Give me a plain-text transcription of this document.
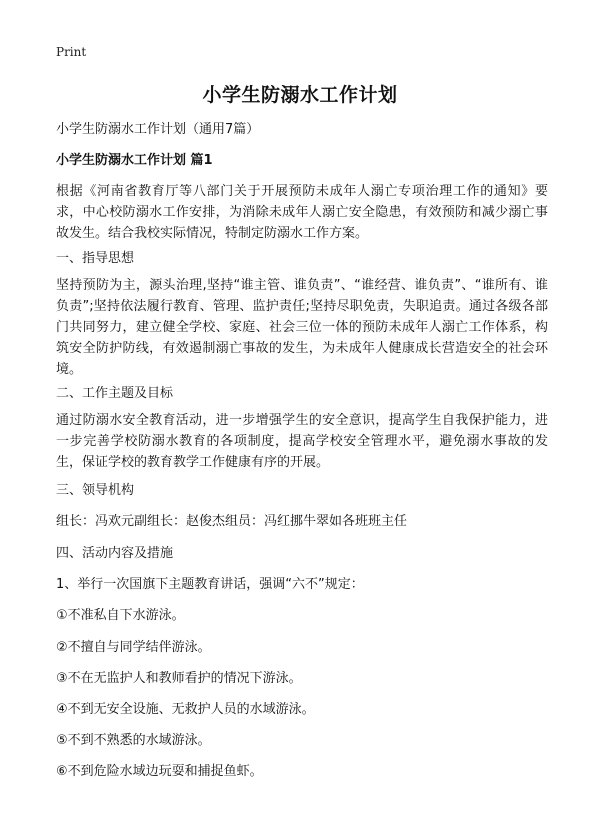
Print
小学生防溺水工作计划
小学生防溺水工作计划（通用7篇）
小学生防溺水工作计划 篇1
根据《河南省教育厅等八部门关于开展预防未成年人溺亡专项治理工作的通知》要求，中心校防溺水工作安排，为消除未成年人溺亡安全隐患，有效预防和减少溺亡事故发生。结合我校实际情况，特制定防溺水工作方案。
一、指导思想
坚持预防为主，源头治理,坚持“谁主管、谁负责”、“谁经营、谁负责”、“谁所有、谁负责”;坚持依法履行教育、管理、监护责任;坚持尽职免责，失职追责。通过各级各部门共同努力，建立健全学校、家庭、社会三位一体的预防未成年人溺亡工作体系，构筑安全防护防线，有效遏制溺亡事故的发生，为未成年人健康成长营造安全的社会环境。
二、工作主题及目标
通过防溺水安全教育活动，进一步增强学生的安全意识，提高学生自我保护能力，进一步完善学校防溺水教育的各项制度，提高学校安全管理水平，避免溺水事故的发生，保证学校的教育教学工作健康有序的开展。
三、领导机构
组长：冯欢元副组长：赵俊杰组员：冯红挪牛翠如各班班主任
四、活动内容及措施
1、举行一次国旗下主题教育讲话，强调“六不”规定：
①不准私自下水游泳。
②不擅自与同学结伴游泳。
③不在无监护人和教师看护的情况下游泳。
④不到无安全设施、无救护人员的水域游泳。
⑤不到不熟悉的水域游泳。
⑥不到危险水域边玩耍和捕捉鱼虾。
